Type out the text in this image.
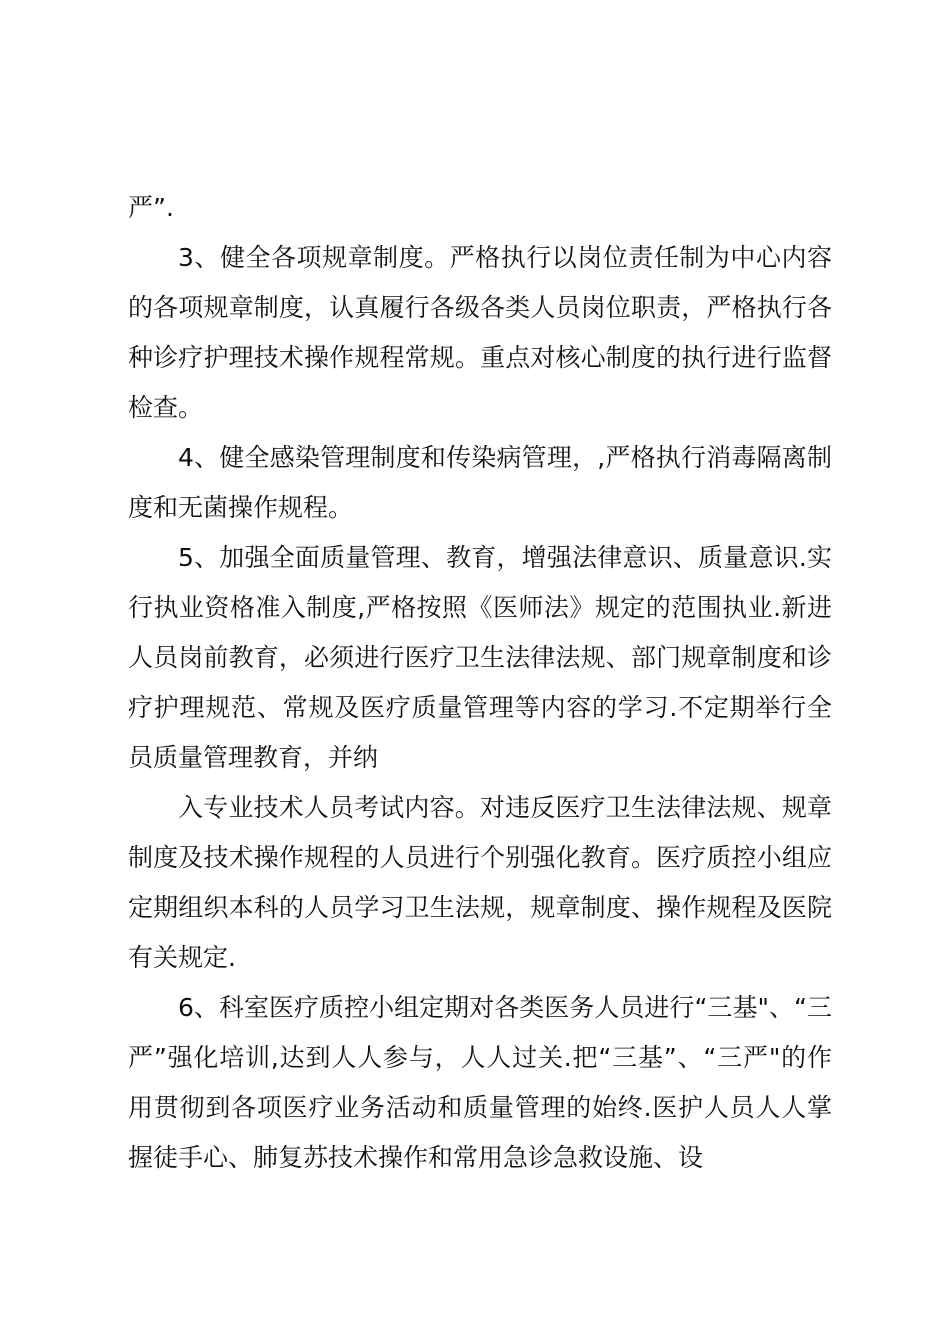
严”.

3、健全各项规章制度。严格执行以岗位责任制为中心内容的各项规章制度，认真履行各级各类人员岗位职责，严格执行各种诊疗护理技术操作规程常规。重点对核心制度的执行进行监督检查。

4、健全感染管理制度和传染病管理，,严格执行消毒隔离制度和无菌操作规程。

5、加强全面质量管理、教育，增强法律意识、质量意识.实行执业资格准入制度,严格按照《医师法》规定的范围执业.新进人员岗前教育，必须进行医疗卫生法律法规、部门规章制度和诊疗护理规范、常规及医疗质量管理等内容的学习.不定期举行全员质量管理教育，并纳

入专业技术人员考试内容。对违反医疗卫生法律法规、规章制度及技术操作规程的人员进行个别强化教育。医疗质控小组应定期组织本科的人员学习卫生法规，规章制度、操作规程及医院有关规定.

6、科室医疗质控小组定期对各类医务人员进行“三基"、“三严”强化培训,达到人人参与，人人过关.把“三基”、“三严"的作用贯彻到各项医疗业务活动和质量管理的始终.医护人员人人掌握徒手心、肺复苏技术操作和常用急诊急救设施、设
